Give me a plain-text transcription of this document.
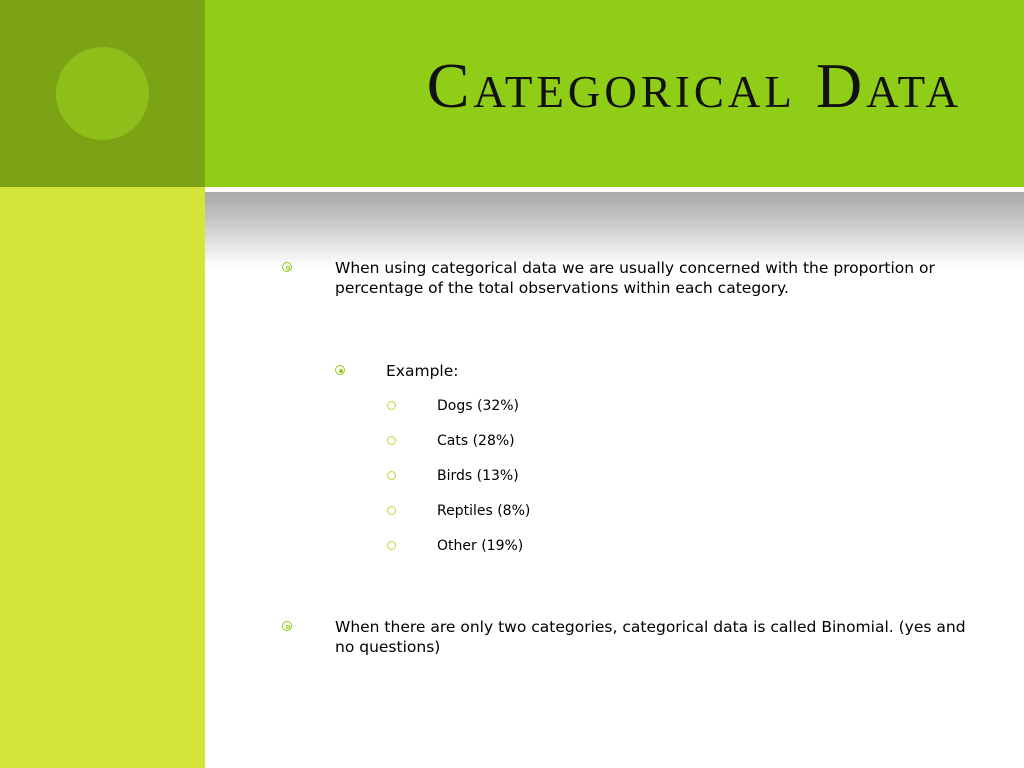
Categorical Data
When using categorical data we are usually concerned with the proportion or percentage of the total observations within each category.
Example:
Dogs (32%)
Cats (28%)
Birds (13%)
Reptiles (8%)
Other (19%)
When there are only two categories, categorical data is called Binomial. (yes and no questions)
